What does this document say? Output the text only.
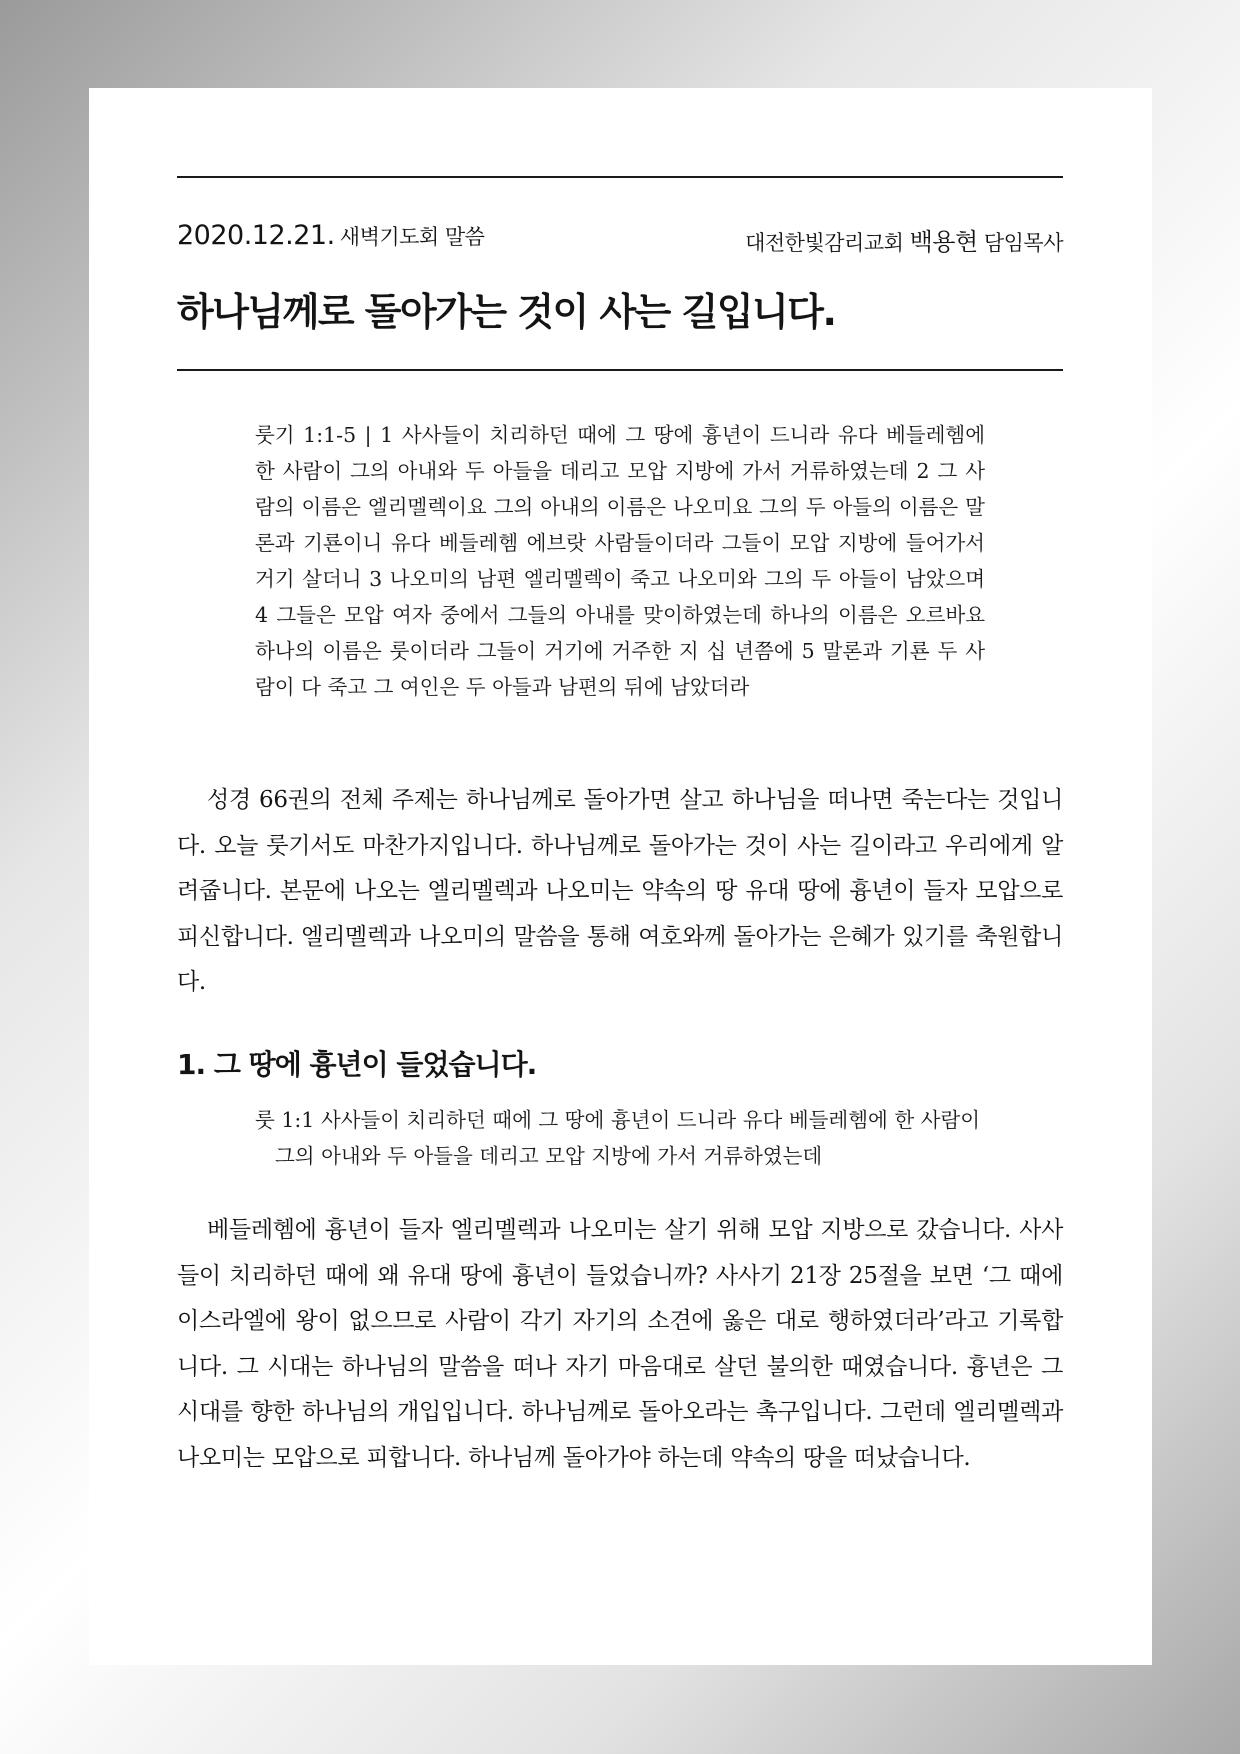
2020.12.21. 새벽기도회 말씀	대전한빛감리교회 백용현 담임목사
하나님께로 돌아가는 것이 사는 길입니다.

룻기 1:1-5 | 1 사사들이 치리하던 때에 그 땅에 흉년이 드니라 유다 베들레헴에 한 사람이 그의 아내와 두 아들을 데리고 모압 지방에 가서 거류하였는데 2 그 사람의 이름은 엘리멜렉이요 그의 아내의 이름은 나오미요 그의 두 아들의 이름은 말론과 기룐이니 유다 베들레헴 에브랏 사람들이더라 그들이 모압 지방에 들어가서 거기 살더니 3 나오미의 남편 엘리멜렉이 죽고 나오미와 그의 두 아들이 남았으며 4 그들은 모압 여자 중에서 그들의 아내를 맞이하였는데 하나의 이름은 오르바요 하나의 이름은 룻이더라 그들이 거기에 거주한 지 십 년쯤에 5 말론과 기룐 두 사람이 다 죽고 그 여인은 두 아들과 남편의 뒤에 남았더라

성경 66권의 전체 주제는 하나님께로 돌아가면 살고 하나님을 떠나면 죽는다는 것입니다. 오늘 룻기서도 마찬가지입니다. 하나님께로 돌아가는 것이 사는 길이라고 우리에게 알려줍니다. 본문에 나오는 엘리멜렉과 나오미는 약속의 땅 유대 땅에 흉년이 들자 모압으로 피신합니다. 엘리멜렉과 나오미의 말씀을 통해 여호와께 돌아가는 은혜가 있기를 축원합니다.

1. 그 땅에 흉년이 들었습니다.

룻 1:1 사사들이 치리하던 때에 그 땅에 흉년이 드니라 유다 베들레헴에 한 사람이 그의 아내와 두 아들을 데리고 모압 지방에 가서 거류하였는데

베들레헴에 흉년이 들자 엘리멜렉과 나오미는 살기 위해 모압 지방으로 갔습니다. 사사들이 치리하던 때에 왜 유대 땅에 흉년이 들었습니까? 사사기 21장 25절을 보면 ‘그 때에 이스라엘에 왕이 없으므로 사람이 각기 자기의 소견에 옳은 대로 행하였더라’라고 기록합니다. 그 시대는 하나님의 말씀을 떠나 자기 마음대로 살던 불의한 때였습니다. 흉년은 그 시대를 향한 하나님의 개입입니다. 하나님께로 돌아오라는 촉구입니다. 그런데 엘리멜렉과 나오미는 모압으로 피합니다. 하나님께 돌아가야 하는데 약속의 땅을 떠났습니다.
